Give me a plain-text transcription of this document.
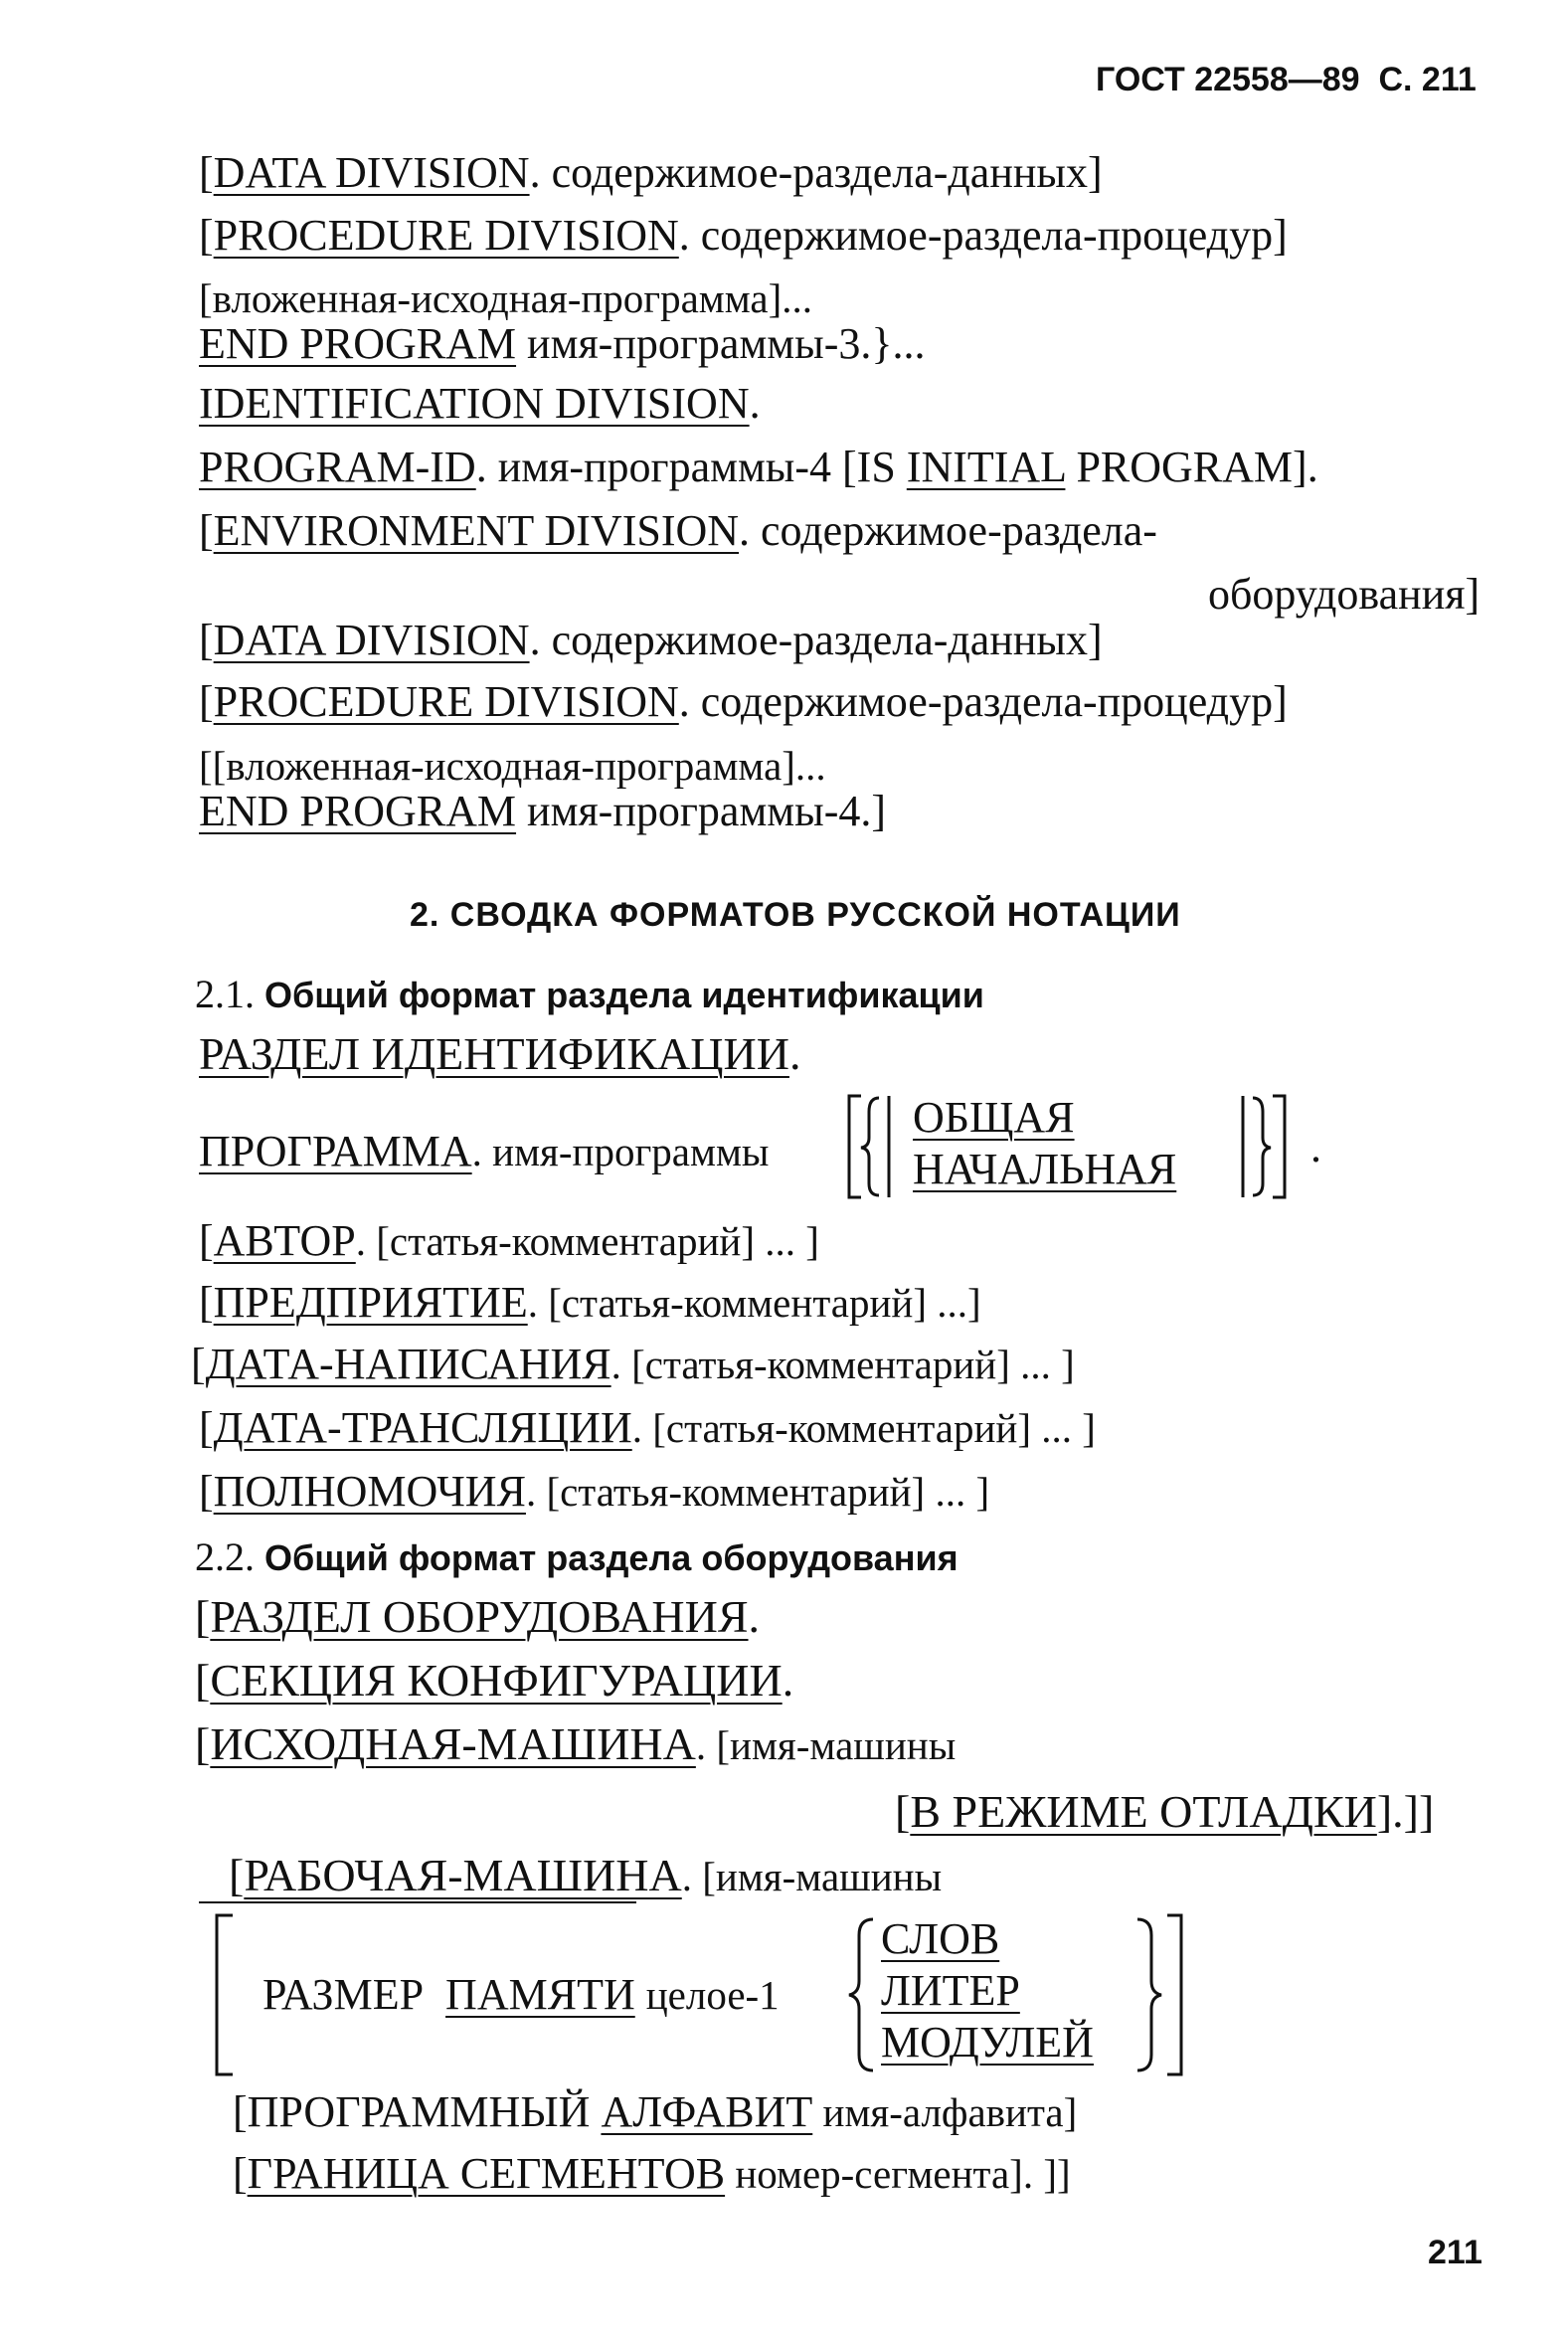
ГОСТ 22558—89 С. 211
[DATA DIVISION. содержимое-раздела-данных]
[PROCEDURE DIVISION. содержимое-раздела-процедур]
[вложенная-исходная-программа]...
END PROGRAM имя-программы-3.}...
IDENTIFICATION DIVISION.
PROGRAM-ID. имя-программы-4 [IS INITIAL PROGRAM].
[ENVIRONMENT DIVISION. содержимое-раздела-
оборудования]
[DATA DIVISION. содержимое-раздела-данных]
[PROCEDURE DIVISION. содержимое-раздела-процедур]
[[вложенная-исходная-программа]...
END PROGRAM имя-программы-4.]
2. СВОДКА ФОРМАТОВ РУССКОЙ НОТАЦИИ
2.1. Общий формат раздела идентификации
РАЗДЕЛ ИДЕНТИФИКАЦИИ.
ПРОГРАММА. имя-программы
ОБЩАЯ
НАЧАЛЬНАЯ	.
[АВТОР. [статья-комментарий] ... ]
[ПРЕДПРИЯТИЕ. [статья-комментарий] ...]
[ДАТА-НАПИСАНИЯ. [статья-комментарий] ... ]
[ДАТА-ТРАНСЛЯЦИИ. [статья-комментарий] ... ]
[ПОЛНОМОЧИЯ. [статья-комментарий] ... ]
2.2. Общий формат раздела оборудования
[РАЗДЕЛ ОБОРУДОВАНИЯ.
[СЕКЦИЯ КОНФИГУРАЦИИ.
[ИСХОДНАЯ-МАШИНА. [имя-машины
[В РЕЖИМЕ ОТЛАДКИ].]]
[РАБОЧАЯ-МАШИНА. [имя-машины
РАЗМЕР ПАМЯТИ целое-1
СЛОВ
ЛИТЕР
МОДУЛЕЙ
[ПРОГРАММНЫЙ АЛФАВИТ имя-алфавита]
[ГРАНИЦА СЕГМЕНТОВ номер-сегмента]. ]]
211
